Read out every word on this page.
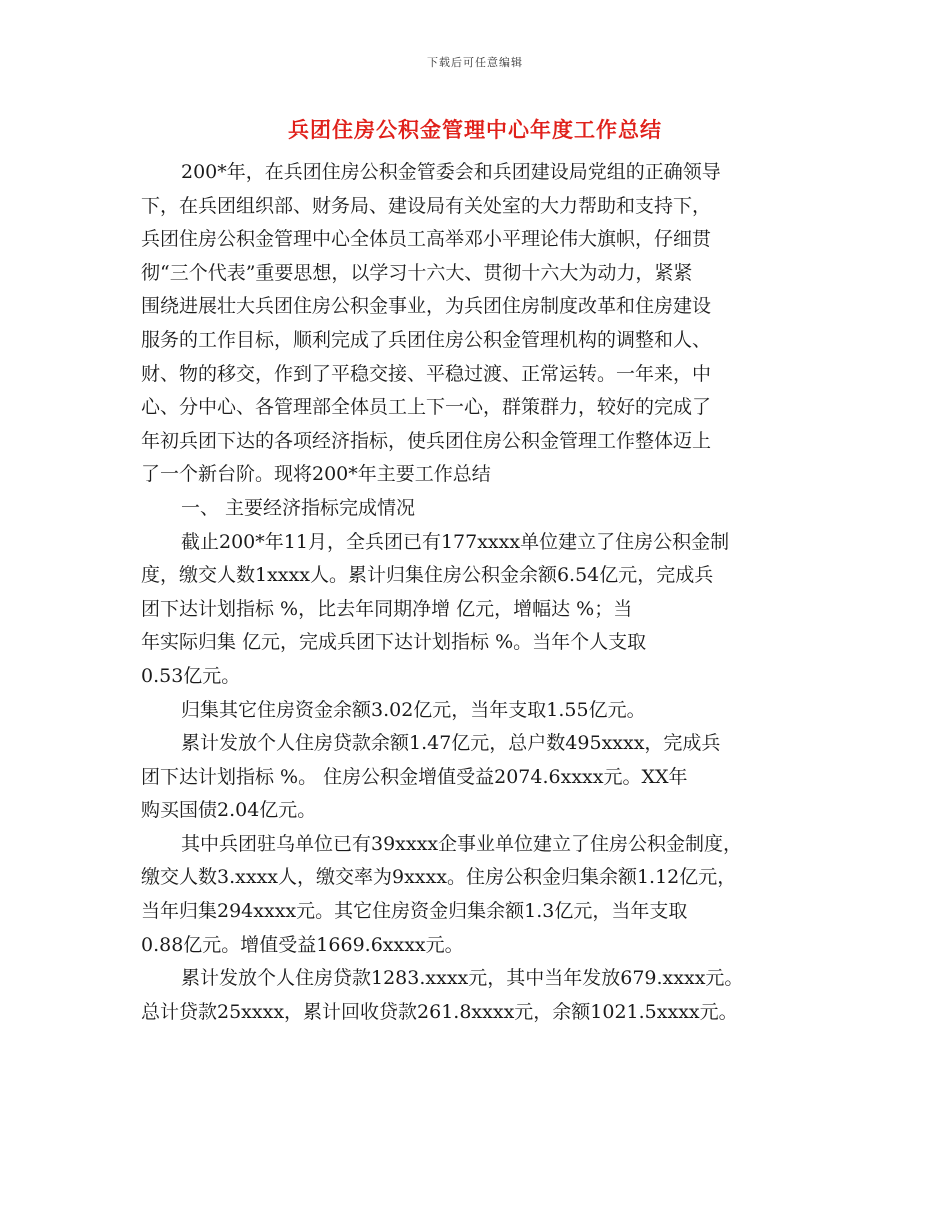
下载后可任意编辑
兵团住房公积金管理中心年度工作总结

200*年，在兵团住房公积金管委会和兵团建设局党组的正确领导

下，在兵团组织部、财务局、建设局有关处室的大力帮助和支持下，

兵团住房公积金管理中心全体员工高举邓小平理论伟大旗帜，仔细贯

彻“三个代表”重要思想，以学习十六大、贯彻十六大为动力，紧紧

围绕进展壮大兵团住房公积金事业，为兵团住房制度改革和住房建设

服务的工作目标，顺利完成了兵团住房公积金管理机构的调整和人、

财、物的移交，作到了平稳交接、平稳过渡、正常运转。一年来，中

心、分中心、各管理部全体员工上下一心，群策群力，较好的完成了

年初兵团下达的各项经济指标，使兵团住房公积金管理工作整体迈上

了一个新台阶。现将200*年主要工作总结

一、 主要经济指标完成情况

截止200*年11月，全兵团已有177xxxx单位建立了住房公积金制

度，缴交人数1xxxx人。累计归集住房公积金余额6.54亿元，完成兵

团下达计划指标 %，比去年同期净增 亿元，增幅达 %；当

年实际归集 亿元，完成兵团下达计划指标 %。当年个人支取

0.53亿元。

归集其它住房资金余额3.02亿元，当年支取1.55亿元。

累计发放个人住房贷款余额1.47亿元，总户数495xxxx，完成兵

团下达计划指标 %。 住房公积金增值受益2074.6xxxx元。XX年

购买国债2.04亿元。

其中兵团驻乌单位已有39xxxx企事业单位建立了住房公积金制度，

缴交人数3.xxxx人，缴交率为9xxxx。住房公积金归集余额1.12亿元，

当年归集294xxxx元。其它住房资金归集余额1.3亿元，当年支取

0.88亿元。增值受益1669.6xxxx元。

累计发放个人住房贷款1283.xxxx元，其中当年发放679.xxxx元。

总计贷款25xxxx，累计回收贷款261.8xxxx元，余额1021.5xxxx元。
